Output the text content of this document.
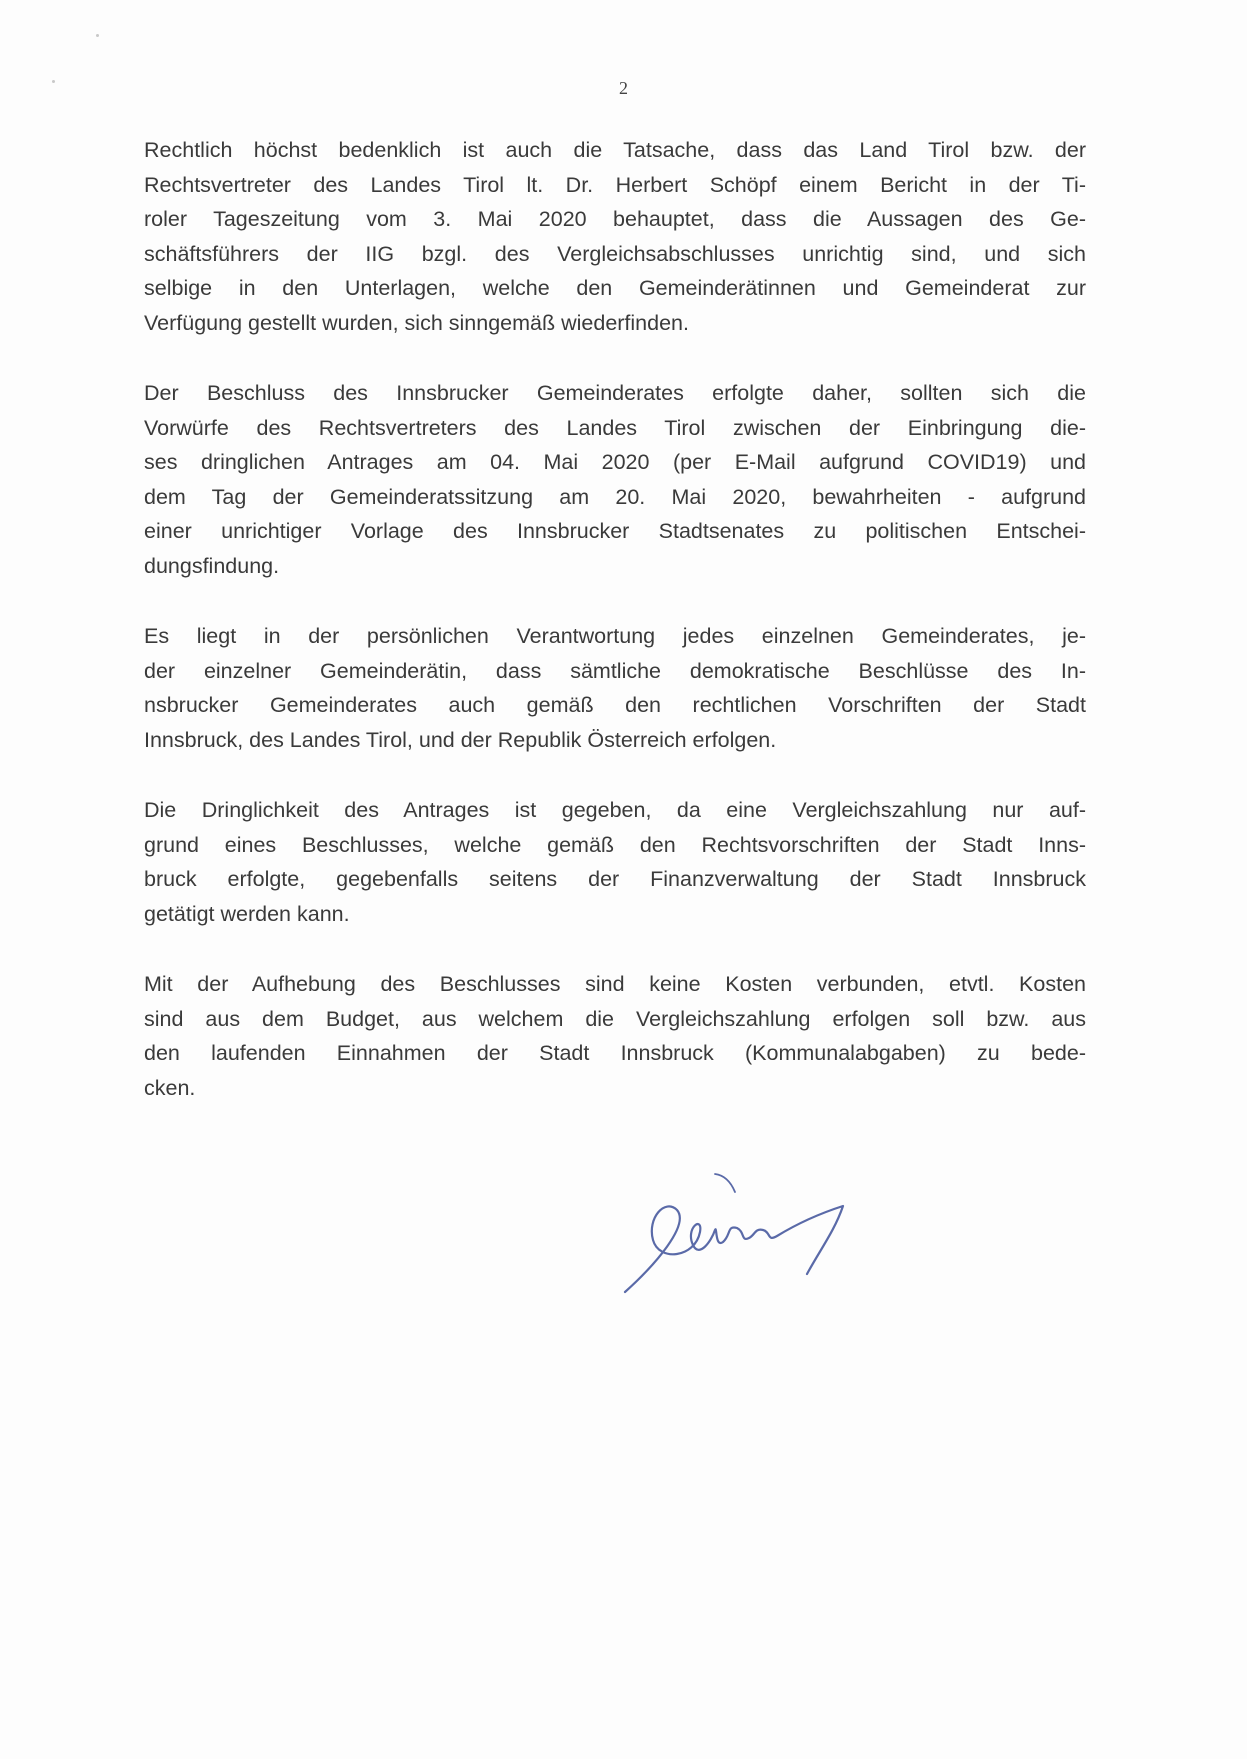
2
Rechtlich höchst bedenklich ist auch die Tatsache, dass das Land Tirol bzw. der
Rechtsvertreter des Landes Tirol lt. Dr. Herbert Schöpf einem Bericht in der Ti-
roler Tageszeitung vom 3. Mai 2020 behauptet, dass die Aussagen des Ge-
schäftsführers der IIG bzgl. des Vergleichsabschlusses unrichtig sind, und sich
selbige in den Unterlagen, welche den Gemeinderätinnen und Gemeinderat zur
Verfügung gestellt wurden, sich sinngemäß wiederfinden.
Der Beschluss des Innsbrucker Gemeinderates erfolgte daher, sollten sich die
Vorwürfe des Rechtsvertreters des Landes Tirol zwischen der Einbringung die-
ses dringlichen Antrages am 04. Mai 2020 (per E-Mail aufgrund COVID19) und
dem Tag der Gemeinderatssitzung am 20. Mai 2020, bewahrheiten - aufgrund
einer unrichtiger Vorlage des Innsbrucker Stadtsenates zu politischen Entschei-
dungsfindung.
Es liegt in der persönlichen Verantwortung jedes einzelnen Gemeinderates, je-
der einzelner Gemeinderätin, dass sämtliche demokratische Beschlüsse des In-
nsbrucker Gemeinderates auch gemäß den rechtlichen Vorschriften der Stadt
Innsbruck, des Landes Tirol, und der Republik Österreich erfolgen.
Die Dringlichkeit des Antrages ist gegeben, da eine Vergleichszahlung nur auf-
grund eines Beschlusses, welche gemäß den Rechtsvorschriften der Stadt Inns-
bruck erfolgte, gegebenfalls seitens der Finanzverwaltung der Stadt Innsbruck
getätigt werden kann.
Mit der Aufhebung des Beschlusses sind keine Kosten verbunden, etvtl. Kosten
sind aus dem Budget, aus welchem die Vergleichszahlung erfolgen soll bzw. aus
den laufenden Einnahmen der Stadt Innsbruck (Kommunalabgaben) zu bede-
cken.
